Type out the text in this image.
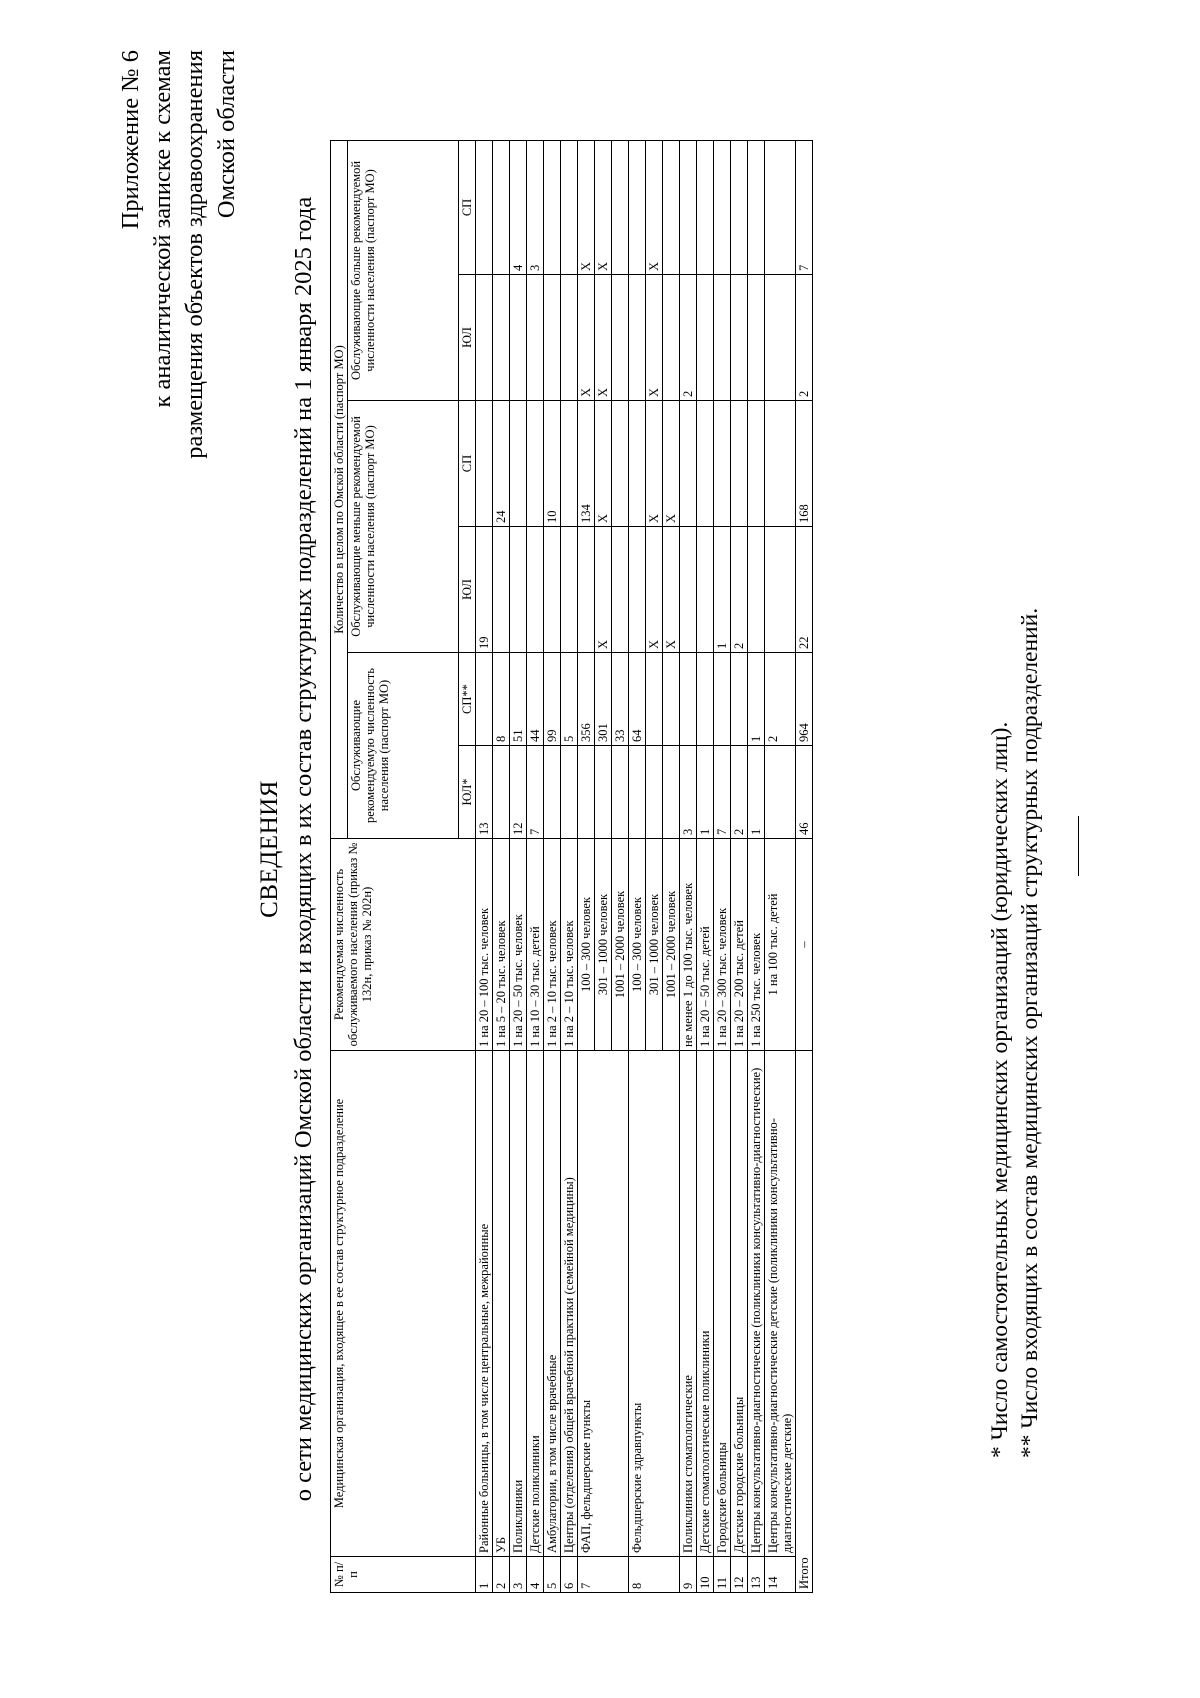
Приложение № 6 к аналитической записке к схемам размещения объектов здравоохранения Омской области
СВЕДЕНИЯ о сети медицинских организаций Омской области и входящих в их состав структурных подразделений на 1 января 2025 года
№ п/п	Медицинская организация, входящее в ее состав структурное подразделение	Рекомендуемая численность обслуживаемого населения (приказ № 132н, приказ № 202н)	Количество в целом по Омской области (паспорт МО)					
			Обслуживающие рекомендуемую численность населения (паспорт МО)		Обслуживающие меньше рекомендуемой численности населения (паспорт МО)		Обслуживающие больше рекомендуемой численности населения (паспорт МО)	
			ЮЛ*	СП**	ЮЛ	СП	ЮЛ	СП
1	Районные больницы, в том числе центральные, межрайонные	1 на 20 – 100 тыс. человек	13		19			
2	УБ	1 на 5 – 20 тыс. человек		8		24		
3	Поликлиники	1 на 20 – 50 тыс. человек	12	51				4
4	Детские поликлиники	1 на 10 – 30 тыс. детей	7	44				3
5	Амбулатории, в том числе врачебные	1 на 2 – 10 тыс. человек		99		10		
6	Центры (отделения) общей врачебной практики (семейной медицины)	1 на 2 – 10 тыс. человек		5				
7	ФАП, фельдшерские пункты	100 – 300 человек		356		134	Х	Х
		301 – 1000 человек		301	Х	Х	Х	Х
		1001 – 2000 человек		33				
8	Фельдшерские здравпункты	100 – 300 человек		64				
		301 – 1000 человек			Х	Х	Х	Х
		1001 – 2000 человек			Х	Х		
9	Поликлиники стоматологические	не менее 1 до 100 тыс. человек	3				2	
10	Детские стоматологические поликлиники	1 на 20 – 50 тыс. детей	1					
11	Городские больницы	1 на 20 – 300 тыс. человек	7		1			
12	Детские городские больницы	1 на 20 – 200 тыс. детей	2		2			
13	Центры консультативно-диагностические (поликлиники консультативно-диагностические)	1 на 250 тыс. человек	1	1				
14	Центры консультативно-диагностические детские (поликлиники консультативно-диагностические детские)	1 на 100 тыс. детей		2				
Итого		–	46	964	22	168	2	7
* Число самостоятельных медицинских организаций (юридических лиц). ** Число входящих в состав медицинских организаций структурных подразделений.
